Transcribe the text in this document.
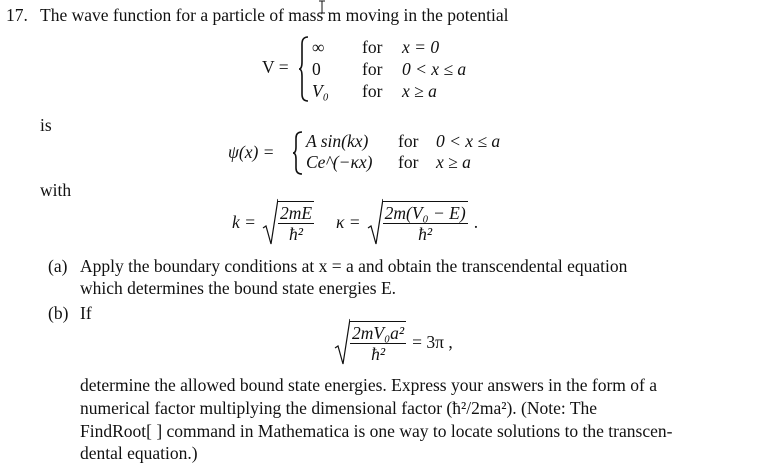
17. The wave function for a particle of mass m moving in the potential
V =
∞ for x = 0
0 for 0 < x ≤ a
V₀ for x ≥ a
is
ψ(x) =
A sin(kx) for 0 < x ≤ a
Ce^(−κx) for x ≥ a
with
$k = \frac{2mE}{\text{ħ²}}$ $\kappa = \frac{\text{2m(V₀ − E)}}{\text{ħ²}}$ .
(a) Apply the boundary conditions at x = a and obtain the transcendental equation
which determines the bound state energies E.
(b) If
$\frac{\text{2mV₀a²}}{\text{ħ²}} = 3\pi$ ,
determine the allowed bound state energies. Express your answers in the form of a
numerical factor multiplying the dimensional factor (ħ²/2ma²). (Note: The
FindRoot[ ] command in Mathematica is one way to locate solutions to the transcen-
dental equation.)
